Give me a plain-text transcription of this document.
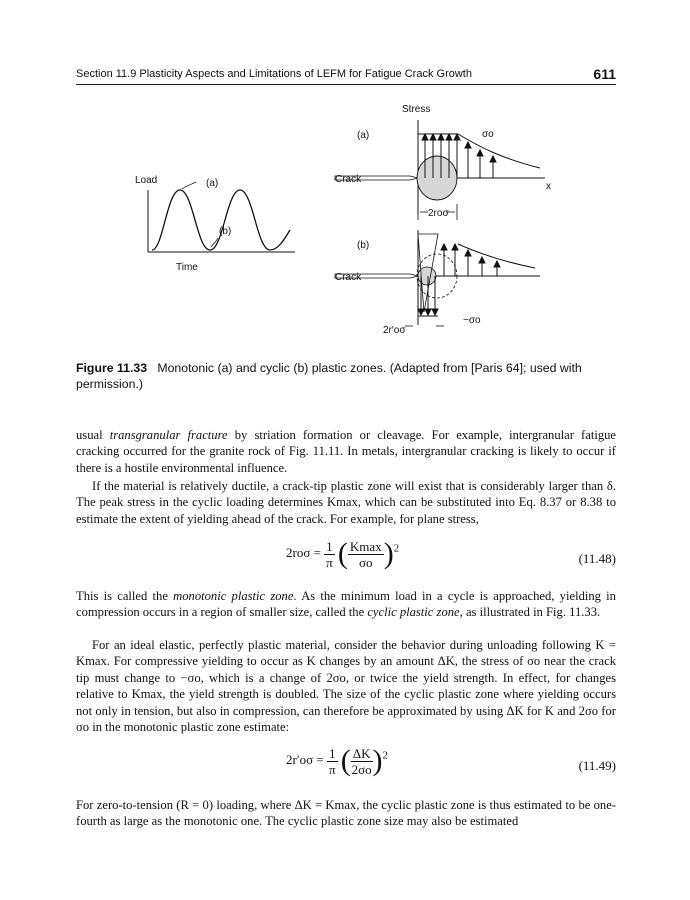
Section 11.9 Plasticity Aspects and Limitations of LEFM for Fatigue Crack Growth	611
Load	(a)
(b)
Time
Stress
(a)
Crack
σo
x
2roσ
(b)
Crack
−σo
2r′oσ
Figure 11.33 Monotonic (a) and cyclic (b) plastic zones. (Adapted from [Paris 64]; used with permission.)
usual transgranular fracture by striation formation or cleavage. For example, intergranular fatigue cracking occurred for the granite rock of Fig. 11.11. In metals, intergranular cracking is likely to occur if there is a hostile environmental influence.
If the material is relatively ductile, a crack-tip plastic zone will exist that is considerably larger than δ. The peak stress in the cyclic loading determines Kmax, which can be substituted into Eq. 8.37 or 8.38 to estimate the extent of yielding ahead of the crack. For example, for plane stress,
$2ro\sigma = \frac{1}{\pi}$ ( $\frac{Kmax}{\sigma o} )^2$
(11.48)
This is called the monotonic plastic zone. As the minimum load in a cycle is approached, yielding in compression occurs in a region of smaller size, called the cyclic plastic zone, as illustrated in Fig. 11.33.
For an ideal elastic, perfectly plastic material, consider the behavior during unloading following K = Kmax. For compressive yielding to occur as K changes by an amount ΔK, the stress of σo near the crack tip must change to −σo, which is a change of 2σo, or twice the yield strength. In effect, for changes relative to Kmax, the yield strength is doubled. The size of the cyclic plastic zone where yielding occurs not only in tension, but also in compression, can therefore be approximated by using ΔK for K and 2σo for σo in the monotonic plastic zone estimate:
$2r'o\sigma = \frac{1}{\pi}$ ( $\frac{\Delta K}{2\sigma o} )^2$
(11.49)
For zero-to-tension (R = 0) loading, where ΔK = Kmax, the cyclic plastic zone is thus estimated to be one-fourth as large as the monotonic one. The cyclic plastic zone size may also be estimated
